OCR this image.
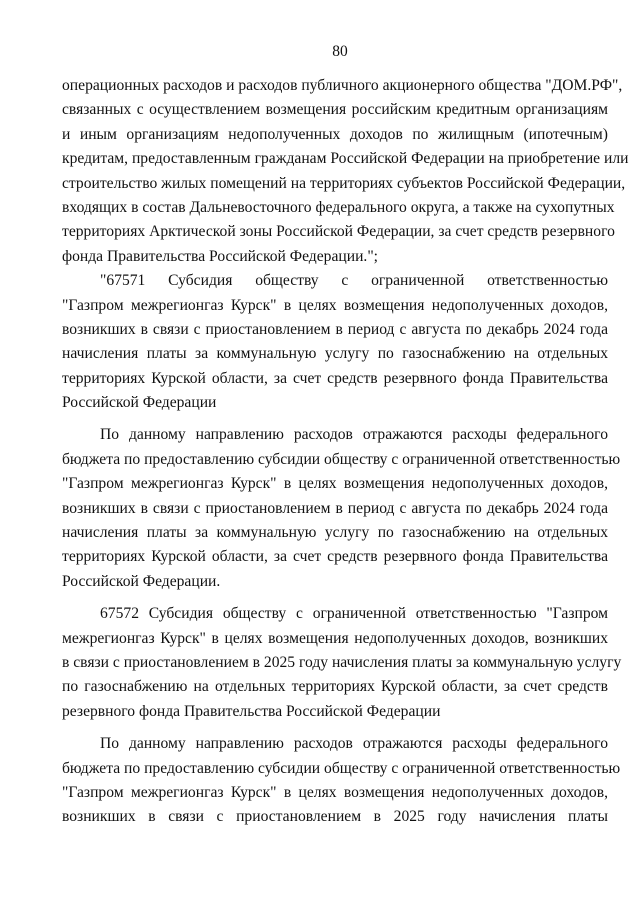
80
операционных расходов и расходов публичного акционерного общества "ДОМ.РФ",
связанных с осуществлением возмещения российским кредитным организациям
и иным организациям недополученных доходов по жилищным (ипотечным)
кредитам, предоставленным гражданам Российской Федерации на приобретение или
строительство жилых помещений на территориях субъектов Российской Федерации,
входящих в состав Дальневосточного федерального округа, а также на сухопутных
территориях Арктической зоны Российской Федерации, за счет средств резервного
фонда Правительства Российской Федерации.";
"67571 Субсидия обществу с ограниченной ответственностью
"Газпром межрегионгаз Курск" в целях возмещения недополученных доходов,
возникших в связи с приостановлением в период с августа по декабрь 2024 года
начисления платы за коммунальную услугу по газоснабжению на отдельных
территориях Курской области, за счет средств резервного фонда Правительства
Российской Федерации
По данному направлению расходов отражаются расходы федерального
бюджета по предоставлению субсидии обществу с ограниченной ответственностью
"Газпром межрегионгаз Курск" в целях возмещения недополученных доходов,
возникших в связи с приостановлением в период с августа по декабрь 2024 года
начисления платы за коммунальную услугу по газоснабжению на отдельных
территориях Курской области, за счет средств резервного фонда Правительства
Российской Федерации.
67572 Субсидия обществу с ограниченной ответственностью "Газпром
межрегионгаз Курск" в целях возмещения недополученных доходов, возникших
в связи с приостановлением в 2025 году начисления платы за коммунальную услугу
по газоснабжению на отдельных территориях Курской области, за счет средств
резервного фонда Правительства Российской Федерации
По данному направлению расходов отражаются расходы федерального
бюджета по предоставлению субсидии обществу с ограниченной ответственностью
"Газпром межрегионгаз Курск" в целях возмещения недополученных доходов,
возникших в связи с приостановлением в 2025 году начисления платы
